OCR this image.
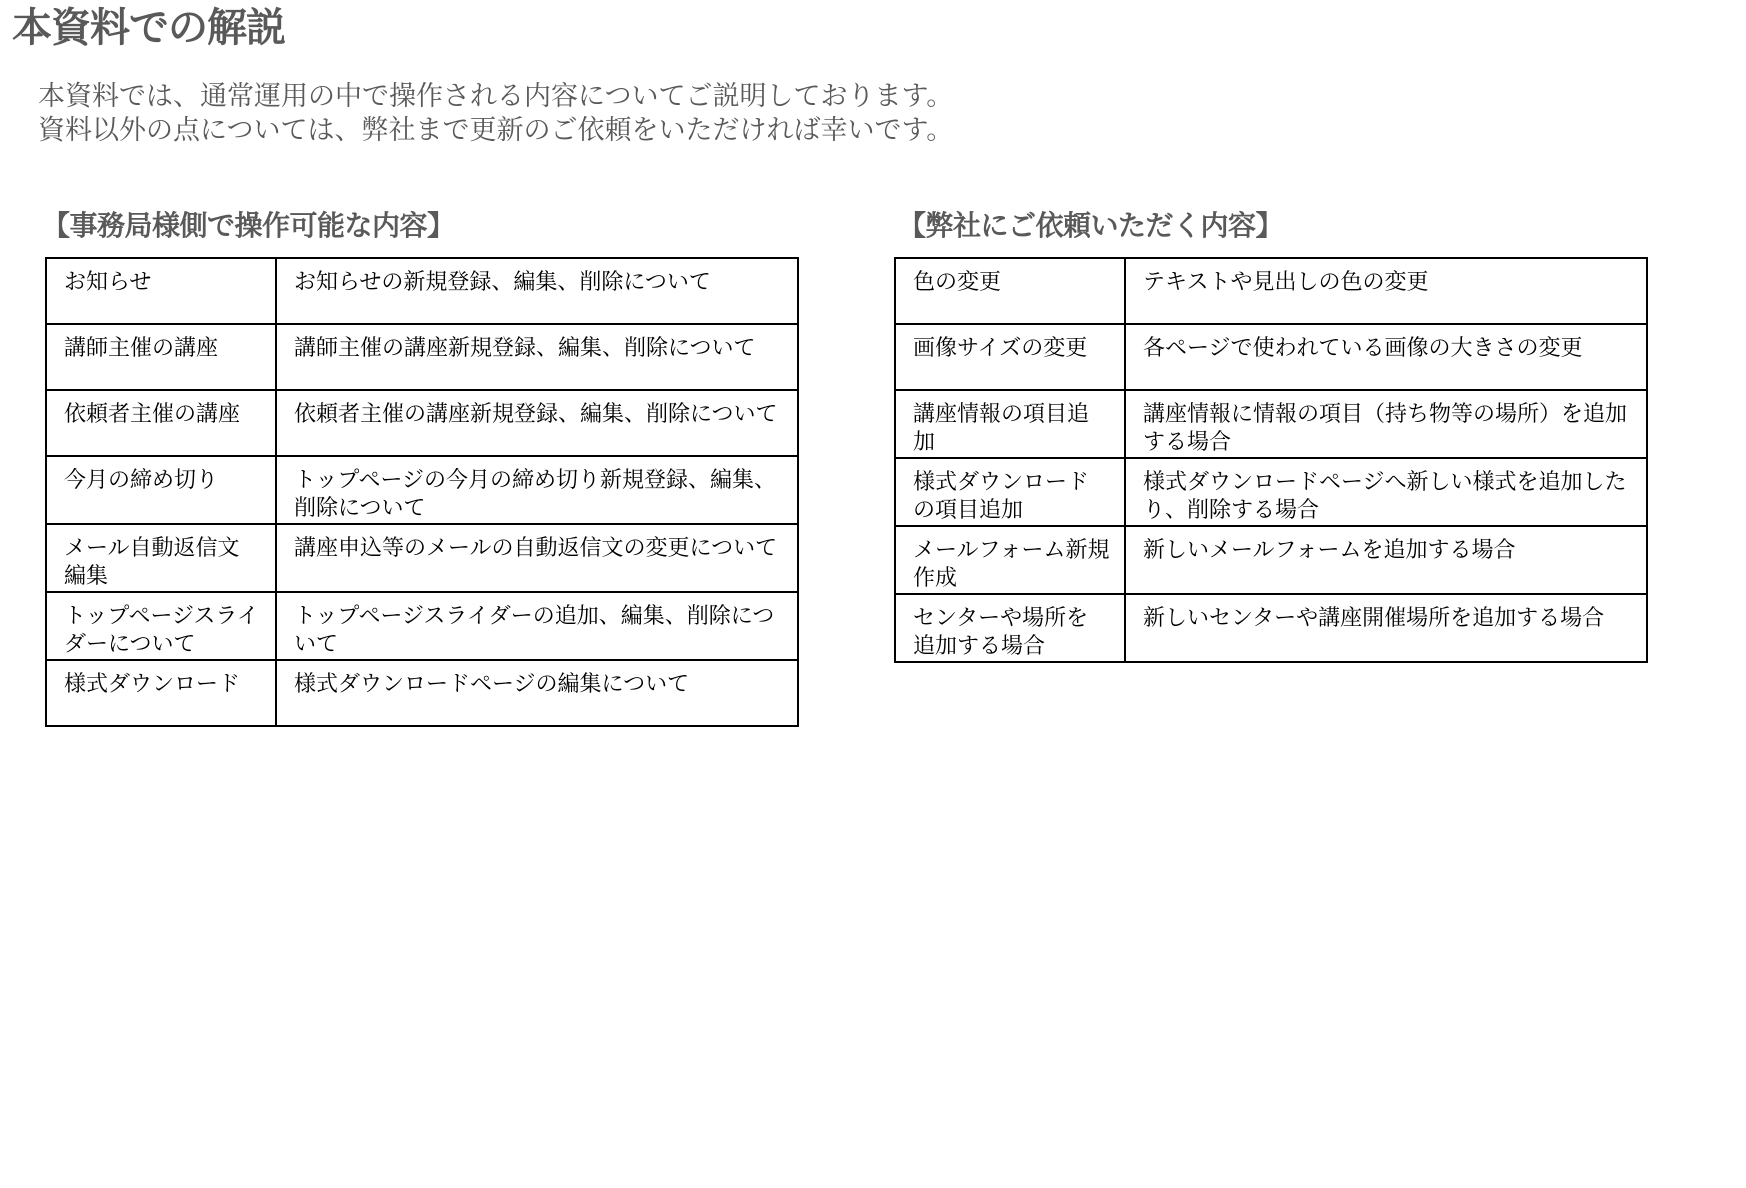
本資料での解説
本資料では、通常運用の中で操作される内容についてご説明しております。
資料以外の点については、弊社まで更新のご依頼をいただければ幸いです。
【事務局様側で操作可能な内容】	【弊社にご依頼いただく内容】
お知らせ	お知らせの新規登録、編集、削除について
講師主催の講座	講師主催の講座新規登録、編集、削除について
依頼者主催の講座	依頼者主催の講座新規登録、編集、削除について
今月の締め切り	トップページの今月の締め切り新規登録、編集、削除について
メール自動返信文編集	講座申込等のメールの自動返信文の変更について
トップページスライダーについて	トップページスライダーの追加、編集、削除について
様式ダウンロード	様式ダウンロードページの編集について
色の変更	テキストや見出しの色の変更
画像サイズの変更	各ページで使われている画像の大きさの変更
講座情報の項目追加	講座情報に情報の項目（持ち物等の場所）を追加する場合
様式ダウンロードの項目追加	様式ダウンロードページへ新しい様式を追加したり、削除する場合
メールフォーム新規作成	新しいメールフォームを追加する場合
センターや場所を追加する場合	新しいセンターや講座開催場所を追加する場合
